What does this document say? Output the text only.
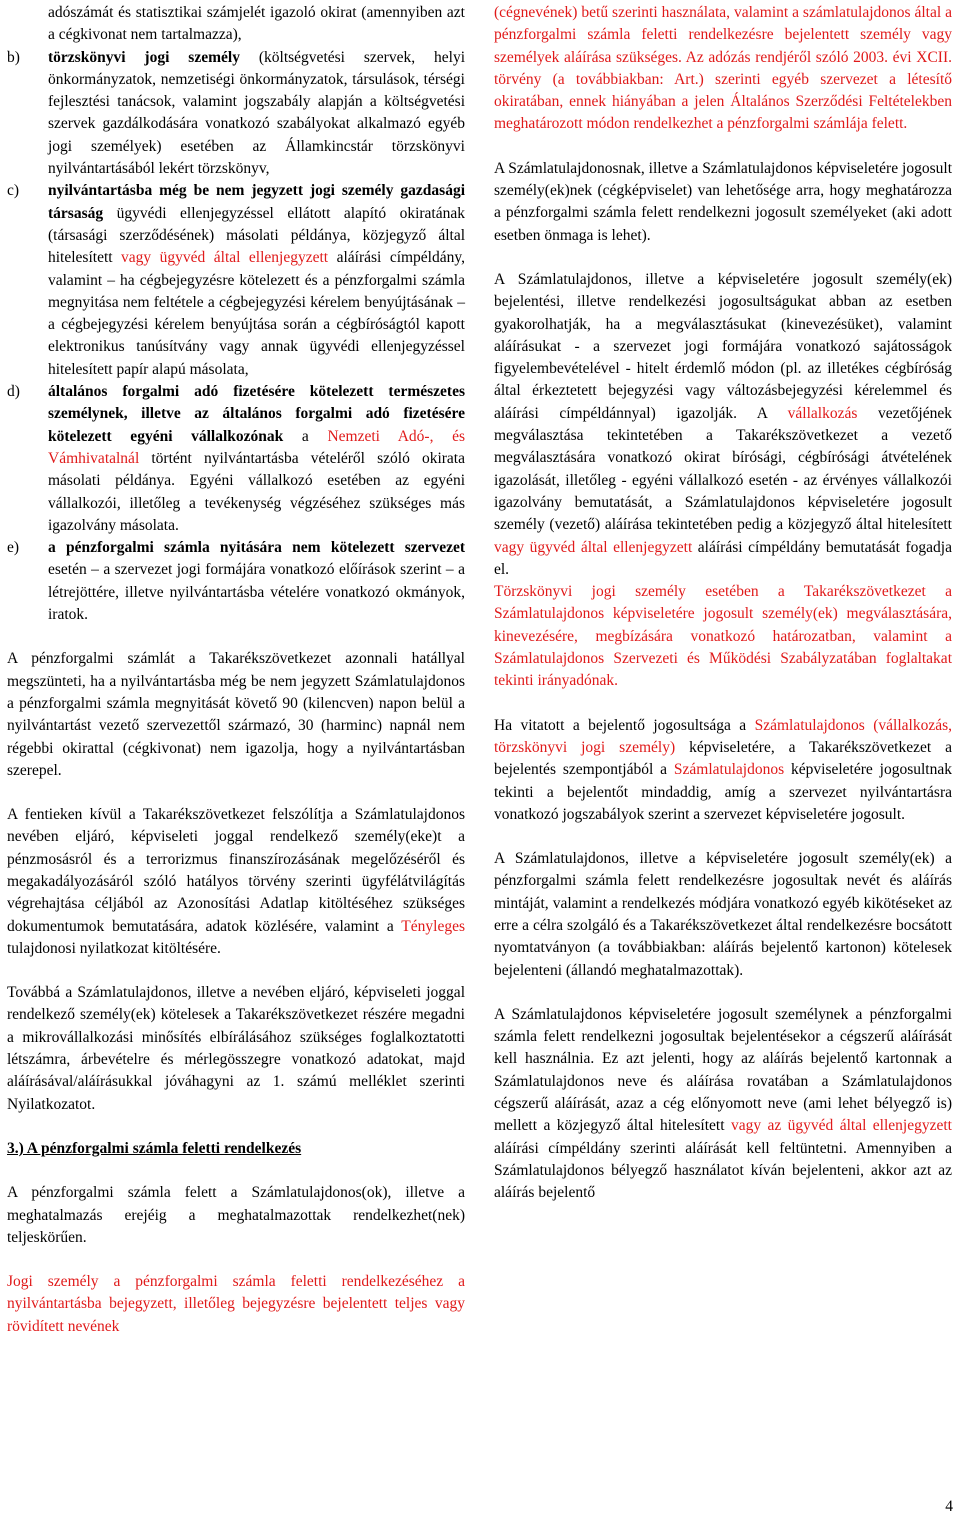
adószámát és statisztikai számjelét igazoló okirat (amennyiben azt a cégkivonat nem tartalmazza),
b) törzskönyvi jogi személy (költségvetési szervek, helyi önkormányzatok, nemzetiségi önkormányzatok, társulások, térségi fejlesztési tanácsok, valamint jogszabály alapján a költségvetési szervek gazdálkodására vonatkozó szabályokat alkalmazó egyéb jogi személyek) esetében az Államkincstár törzskönyvi nyilvántartásából lekért törzskönyv,
c) nyilvántartásba még be nem jegyzett jogi személy gazdasági társaság ügyvédi ellenjegyzéssel ellátott alapító okiratának (társasági szerződésének) másolati példánya, közjegyző által hitelesített vagy ügyvéd által ellenjegyzett aláírási címpéldány, valamint – ha cégbejegyzésre kötelezett és a pénzforgalmi számla megnyitása nem feltétele a cégbejegyzési kérelem benyújtásának – a cégbejegyzési kérelem benyújtása során a cégbíróságtól kapott elektronikus tanúsítvány vagy annak ügyvédi ellenjegyzéssel hitelesített papír alapú másolata,
d) általános forgalmi adó fizetésére kötelezett természetes személynek, illetve az általános forgalmi adó fizetésére kötelezett egyéni vállalkozónak a Nemzeti Adó-, és Vámhivatalnál történt nyilvántartásba vételéről szóló okirata másolati példánya. Egyéni vállalkozó esetében az egyéni vállalkozói, illetőleg a tevékenység végzéséhez szükséges más igazolvány másolata.
e) a pénzforgalmi számla nyitására nem kötelezett szervezet esetén – a szervezet jogi formájára vonatkozó előírások szerint – a létrejöttére, illetve nyilvántartásba vételére vonatkozó okmányok, iratok.

A pénzforgalmi számlát a Takarékszövetkezet azonnali hatállyal megszünteti, ha a nyilvántartásba még be nem jegyzett Számlatulajdonos a pénzforgalmi számla megnyitását követő 90 (kilencven) napon belül a nyilvántartást vezető szervezettől származó, 30 (harminc) napnál nem régebbi okirattal (cégkivonat) nem igazolja, hogy a nyilvántartásban szerepel.

A fentieken kívül a Takarékszövetkezet felszólítja a Számlatulajdonos nevében eljáró, képviseleti joggal rendelkező személy(eke)t a pénzmosásról és a terrorizmus finanszírozásának megelőzéséről és megakadályozásáról szóló hatályos törvény szerinti ügyfélátvilágítás végrehajtása céljából az Azonosítási Adatlap kitöltéséhez szükséges dokumentumok bemutatására, adatok közlésére, valamint a Tényleges tulajdonosi nyilatkozat kitöltésére.

Továbbá a Számlatulajdonos, illetve a nevében eljáró, képviseleti joggal rendelkező személy(ek) kötelesek a Takarékszövetkezet részére megadni a mikrovállalkozási minősítés elbírálásához szükséges foglalkoztatotti létszámra, árbevételre és mérlegösszegre vonatkozó adatokat, majd aláírásával/aláírásukkal jóváhagyni az 1. számú melléklet szerinti Nyilatkozatot.

3.) A pénzforgalmi számla feletti rendelkezés

A pénzforgalmi számla felett a Számlatulajdonos(ok), illetve a meghatalmazás erejéig a meghatalmazottak rendelkezhet(nek) teljeskörűen.

Jogi személy a pénzforgalmi számla feletti rendelkezéséhez a nyilvántartásba bejegyzett, illetőleg bejegyzésre bejelentett teljes vagy rövidített nevének

(cégnevének) betű szerinti használata, valamint a számlatulajdonos által a pénzforgalmi számla feletti rendelkezésre bejelentett személy vagy személyek aláírása szükséges. Az adózás rendjéről szóló 2003. évi XCII. törvény (a továbbiakban: Art.) szerinti egyéb szervezet a létesítő okiratában, ennek hiányában a jelen Általános Szerződési Feltételekben meghatározott módon rendelkezhet a pénzforgalmi számlája felett.

A Számlatulajdonosnak, illetve a Számlatulajdonos képviseletére jogosult személy(ek)nek (cégképviselet) van lehetősége arra, hogy meghatározza a pénzforgalmi számla felett rendelkezni jogosult személyeket (aki adott esetben önmaga is lehet).

A Számlatulajdonos, illetve a képviseletére jogosult személy(ek) bejelentési, illetve rendelkezési jogosultságukat abban az esetben gyakorolhatják, ha a megválasztásukat (kinevezésüket), valamint aláírásukat - a szervezet jogi formájára vonatkozó sajátosságok figyelembevételével - hitelt érdemlő módon (pl. az illetékes cégbíróság által érkeztetett bejegyzési vagy változásbejegyzési kérelemmel és aláírási címpéldánnyal) igazolják. A vállalkozás vezetőjének megválasztása tekintetében a Takarékszövetkezet a vezető megválasztására vonatkozó okirat bírósági, cégbírósági átvételének igazolását, illetőleg - egyéni vállalkozó esetén - az érvényes vállalkozói igazolvány bemutatását, a Számlatulajdonos képviseletére jogosult személy (vezető) aláírása tekintetében pedig a közjegyző által hitelesített vagy ügyvéd által ellenjegyzett aláírási címpéldány bemutatását fogadja el.
Törzskönyvi jogi személy esetében a Takarékszövetkezet a Számlatulajdonos képviseletére jogosult személy(ek) megválasztására, kinevezésére, megbízására vonatkozó határozatban, valamint a Számlatulajdonos Szervezeti és Működési Szabályzatában foglaltakat tekinti irányadónak.

Ha vitatott a bejelentő jogosultsága a Számlatulajdonos (vállalkozás, törzskönyvi jogi személy) képviseletére, a Takarékszövetkezet a bejelentés szempontjából a Számlatulajdonos képviseletére jogosultnak tekinti a bejelentőt mindaddig, amíg a szervezet nyilvántartásra vonatkozó jogszabályok szerint a szervezet képviseletére jogosult.

A Számlatulajdonos, illetve a képviseletére jogosult személy(ek) a pénzforgalmi számla felett rendelkezésre jogosultak nevét és aláírás mintáját, valamint a rendelkezés módjára vonatkozó egyéb kikötéseket az erre a célra szolgáló és a Takarékszövetkezet által rendelkezésre bocsátott nyomtatványon (a továbbiakban: aláírás bejelentő kartonon) kötelesek bejelenteni (állandó meghatalmazottak).

A Számlatulajdonos képviseletére jogosult személynek a pénzforgalmi számla felett rendelkezni jogosultak bejelentésekor a cégszerű aláírását kell használnia. Ez azt jelenti, hogy az aláírás bejelentő kartonnak a Számlatulajdonos neve és aláírása rovatában a Számlatulajdonos cégszerű aláírását, azaz a cég előnyomott neve (ami lehet bélyegző is) mellett a közjegyző által hitelesített vagy az ügyvéd által ellenjegyzett aláírási címpéldány szerinti aláírását kell feltüntetni. Amennyiben a Számlatulajdonos bélyegző használatot kíván bejelenteni, akkor azt az aláírás bejelentő

4
